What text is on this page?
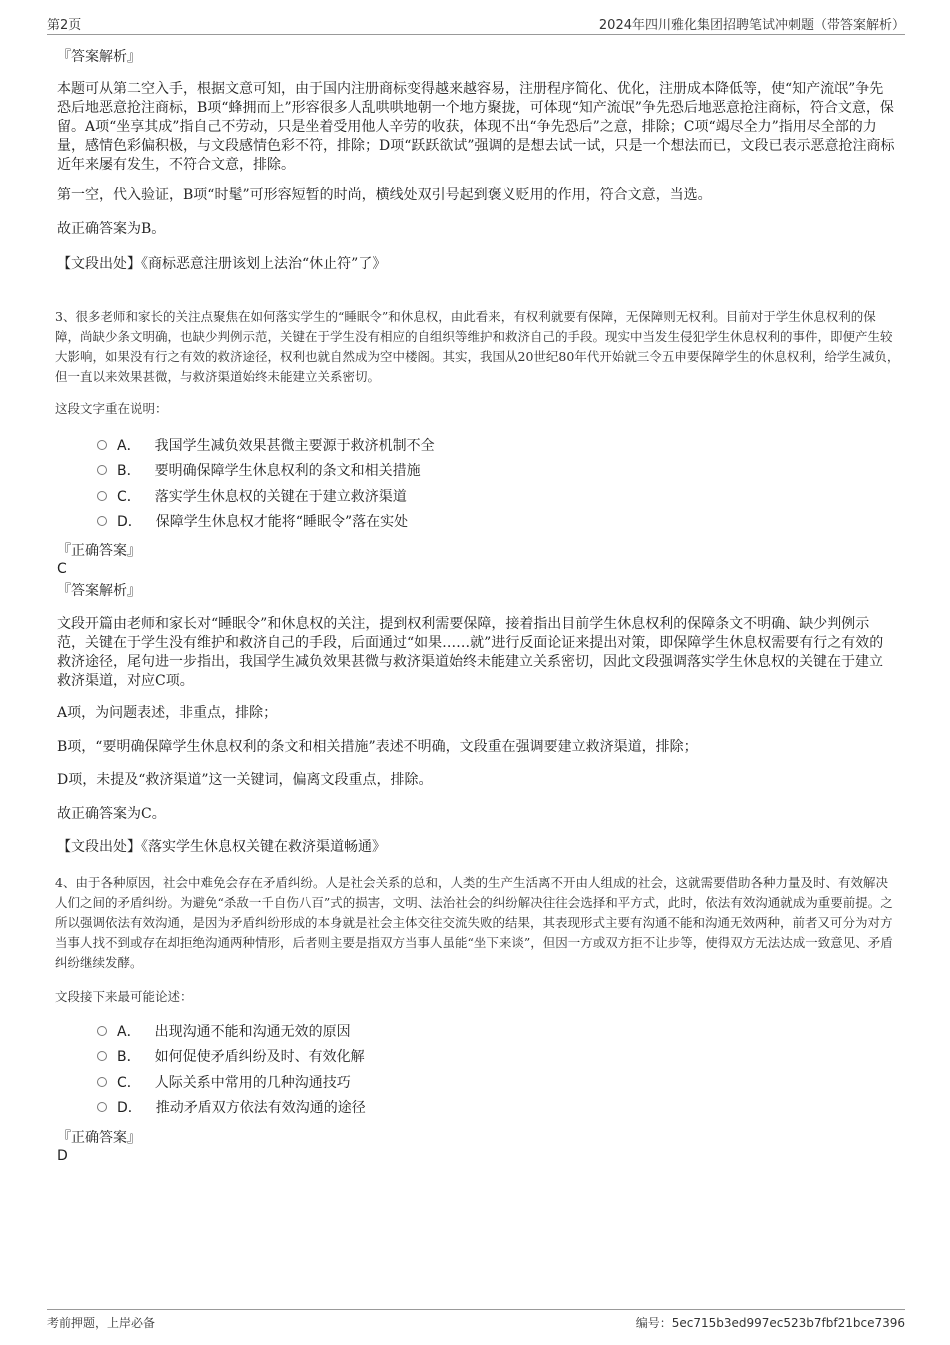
第2页	2024年四川雅化集团招聘笔试冲刺题（带答案解析）
『答案解析』

本题可从第二空入手，根据文意可知，由于国内注册商标变得越来越容易，注册程序简化、优化，注册成本降低等，使“知产流氓”争先恐后地恶意抢注商标，B项“蜂拥而上”形容很多人乱哄哄地朝一个地方聚拢，可体现“知产流氓”争先恐后地恶意抢注商标，符合文意，保留。A项“坐享其成”指自己不劳动，只是坐着受用他人辛劳的收获，体现不出“争先恐后”之意，排除；C项“竭尽全力”指用尽全部的力量，感情色彩偏积极，与文段感情色彩不符，排除；D项“跃跃欲试”强调的是想去试一试，只是一个想法而已，文段已表示恶意抢注商标近年来屡有发生，不符合文意，排除。

第一空，代入验证，B项“时髦”可形容短暂的时尚，横线处双引号起到褒义贬用的作用，符合文意，当选。

故正确答案为B。

【文段出处】《商标恶意注册该划上法治“休止符”了》

3、很多老师和家长的关注点聚焦在如何落实学生的“睡眠令”和休息权，由此看来，有权利就要有保障，无保障则无权利。目前对于学生休息权利的保障，尚缺少条文明确，也缺少判例示范，关键在于学生没有相应的自组织等维护和救济自己的手段。现实中当发生侵犯学生休息权利的事件，即便产生较大影响，如果没有行之有效的救济途径，权利也就自然成为空中楼阁。其实，我国从20世纪80年代开始就三令五申要保障学生的休息权利，给学生减负，但一直以来效果甚微，与救济渠道始终未能建立关系密切。

这段文字重在说明：

A． 我国学生减负效果甚微主要源于救济机制不全
B． 要明确保障学生休息权利的条文和相关措施
C． 落实学生休息权的关键在于建立救济渠道
D． 保障学生休息权才能将“睡眠令”落在实处
『正确答案』
C
『答案解析』

文段开篇由老师和家长对“睡眠令”和休息权的关注，提到权利需要保障，接着指出目前学生休息权利的保障条文不明确、缺少判例示范，关键在于学生没有维护和救济自己的手段，后面通过“如果……就”进行反面论证来提出对策，即保障学生休息权需要有行之有效的救济途径，尾句进一步指出，我国学生减负效果甚微与救济渠道始终未能建立关系密切，因此文段强调落实学生休息权的关键在于建立救济渠道，对应C项。

A项，为问题表述，非重点，排除；

B项，“要明确保障学生休息权利的条文和相关措施”表述不明确，文段重在强调要建立救济渠道，排除；

D项，未提及“救济渠道”这一关键词，偏离文段重点，排除。

故正确答案为C。

【文段出处】《落实学生休息权关键在救济渠道畅通》

4、由于各种原因，社会中难免会存在矛盾纠纷。人是社会关系的总和，人类的生产生活离不开由人组成的社会，这就需要借助各种力量及时、有效解决人们之间的矛盾纠纷。为避免“杀敌一千自伤八百”式的损害，文明、法治社会的纠纷解决往往会选择和平方式，此时，依法有效沟通就成为重要前提。之所以强调依法有效沟通，是因为矛盾纠纷形成的本身就是社会主体交往交流失败的结果，其表现形式主要有沟通不能和沟通无效两种，前者又可分为对方当事人找不到或存在却拒绝沟通两种情形，后者则主要是指双方当事人虽能“坐下来谈”，但因一方或双方拒不让步等，使得双方无法达成一致意见、矛盾纠纷继续发酵。

文段接下来最可能论述：

A． 出现沟通不能和沟通无效的原因
B． 如何促使矛盾纠纷及时、有效化解
C． 人际关系中常用的几种沟通技巧
D． 推动矛盾双方依法有效沟通的途径
『正确答案』
D
考前押题，上岸必备	编号：5ec715b3ed997ec523b7fbf21bce7396
